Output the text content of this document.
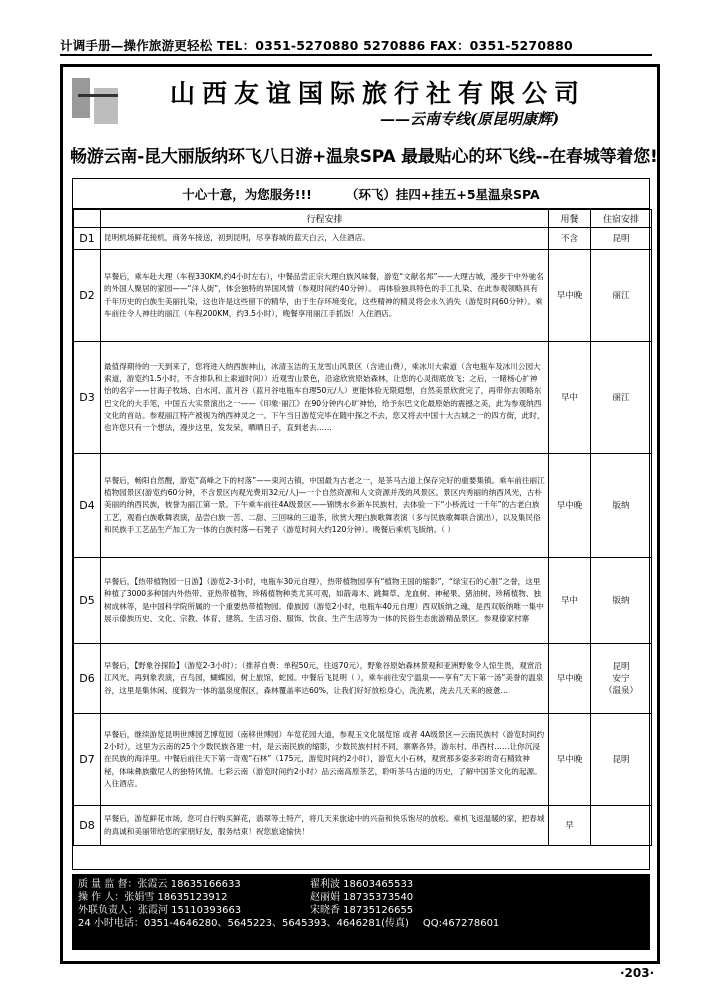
计调手册—操作旅游更轻松 TEL：0351-5270880 5270886 FAX：0351-5270880
山西友谊国际旅行社有限公司
——云南专线(原昆明康辉)
畅游云南-昆大丽版纳环飞八日游+温泉SPA 最最贴心的环飞线--在春城等着您!
十心十意，为您服务!!!	（环飞）挂四+挂五+5星温泉SPA
	行程安排	用餐	住宿安排
D1	昆明机场鲜花接机，商务车接送，初到昆明，尽享春城的蓝天白云，入住酒店。	不含	昆明
D2	早餐后，乘车赴大理（车程330KM,约4小时左右），中餐品尝正宗大理白族风味餐，游览“文献名邦”——大理古城，漫步于中外驰名的外国人聚居的家园——“洋人街”，体会独特的异国风情（参观时间约40分钟）。 再体验独具特色的手工扎染、在此参观领略具有千年历史的白族生美丽扎染，这也许是这些留下的精华，由于生存环境变化，这些精神的精灵将会永久消失（游览时间60分钟）。乘车前往令人神往的丽江（车程200KM，约3.5小时），晚餐享用丽江手抓饭！入住酒店。	早中晚	丽江
D3	最值得期待的一天到来了，您将进入纳西族神山，冰清玉洁的玉龙雪山风景区（含进山费），乘冰川大索道（含电瓶车及冰川公园大索道，游览约1.5小时，不含排队和上索道时间））近观雪山景色，沿途欣赏原始森林，让您的心灵彻底放飞；之后，一睹杨心扩神怡的名字——甘海子牧场、白水河、蓝月谷（蓝月谷电瓶车自理50元/人）更能体验无限遐想，自然美景欣赏完了，再带你去领略东巴文化的大手笔，中国五大实景演出之一——《印象·丽江》在90分钟内心旷神怡，给予东巴文化最原始的震撼之美，此为参观纳西文化的首站。参观丽江特产被视为纳西神灵之一。下午当日游览完毕在随中探之不去，您又将去中国十大古城之一的四方街，此时，也许您只有一个想法，漫步这里，发发呆，晒晒日子，直到老去……	早中	丽江
D4	早餐后，畅阳自然醒，游览“高峰之下的村落”——束河古镇，中国最为古老之一，是茶马古道上保存完好的重要集镇。乘车前往丽江植物园景区(游览约60分钟，不含景区内观光费用32元/人)—一个自然资源和人文资源并茂的风景区。景区内秀丽的纳西风光，古朴美丽的纳西民族，彼誉为丽江第一景。下午乘车前往4A级景区——锦绣水乡新车民族村，去体验一下“小桥流过一千年”的古老白族工艺，观看白族歌舞表演，品尝白族一苦、二甜、三回味的三道茶，欣赏大理白族歌舞表演（多与民族歌舞联合演出），以及集民俗和民族手工艺品生产加工为一体的白族村落—石凳子（游览时间大约120分钟）。晚餐后乘机飞版纳。（ ）	早中晚	版纳
D5	早餐后，【热带植物园一日游】（游览2-3小时，电瓶车30元自理），热带植物园享有“植物王国的缩影”，“绿宝石的心脏”之誉，这里种植了3000多种国内外热带、亚热带植物，珍稀植物种类尤其可观，如箭毒木、跳舞草、龙血树、神秘果、猪油树、珍稀植物、独树成林等，是中国科学院所属的一个重要热带植物园。傣族园（游览2小时，电瓶车40元自理）西双版纳之魂，是西双版纳唯一集中展示傣族历史、文化、宗教、体育、建筑、生活习俗、服饰、饮食、生产生活等为一体的民俗生态旅游精品景区。参观傣家村寨	早中	版纳
D6	早餐后，【野象谷探险】（游览2-3小时）；（推荐自费：单程50元，往返70元），野象谷原始森林景观和亚洲野象令人惊生畏，观赏沿江风光，再到象表演，百鸟园，蝴蝶园，树上旅馆，蛇园。中餐后飞昆明（ ），乘车前往安宁温泉——享有“天下第一汤”美誉的温泉谷，这里是集休闲、度假为一体的温泉度假区，森林覆盖率达60%，让我们好好放松身心，洗洗累，洗去几天来的疲惫…	早中晚	昆明
安宁
（温泉）
D7	早餐后，继续游览昆明世博园艺博览园（南移世博园）车览花园大道，参观玉文化展览馆 或者 4A级景区—云南民族村（游览时间约2小时），这里为云南的25个少数民族各建一村，是云南民族的缩影，少数民族村村不同，寨寨各异，游东村、串西村……让你沉浸在民族的海洋里。中餐后前往天下第一奇观“石林”（175元，游览时间约2小时），游览大小石林，观赏那多姿多彩的奇石精致神秘，体味彝族撒尼人的独特风情。七彩云南（游览时间约2小时）品云南高原茶艺，聆听茶马古道的历史，了解中国茶文化的起源。入住酒店。	早中晚	昆明
D8	早餐后，游览鲜花市场，您可自行购买鲜花，翡翠等土特产，将几天来旅途中的兴奋和快乐饱尽的放松。乘机飞返温暖的家，把春城的真诚和美丽带给您的家朋好友，服务结束！祝您旅途愉快！	早	
质 量 监 督：张霞云 18635166633	翟利波 18603465533
操 作 人：张娟雪 18635123912	赵丽娟 18735373540
外联负责人：张霞河 15110393663	宋晓香 18735126655
24 小时电话：0351-4646280、5645223、5645393、4646281(传真) QQ:467278601
·203·
